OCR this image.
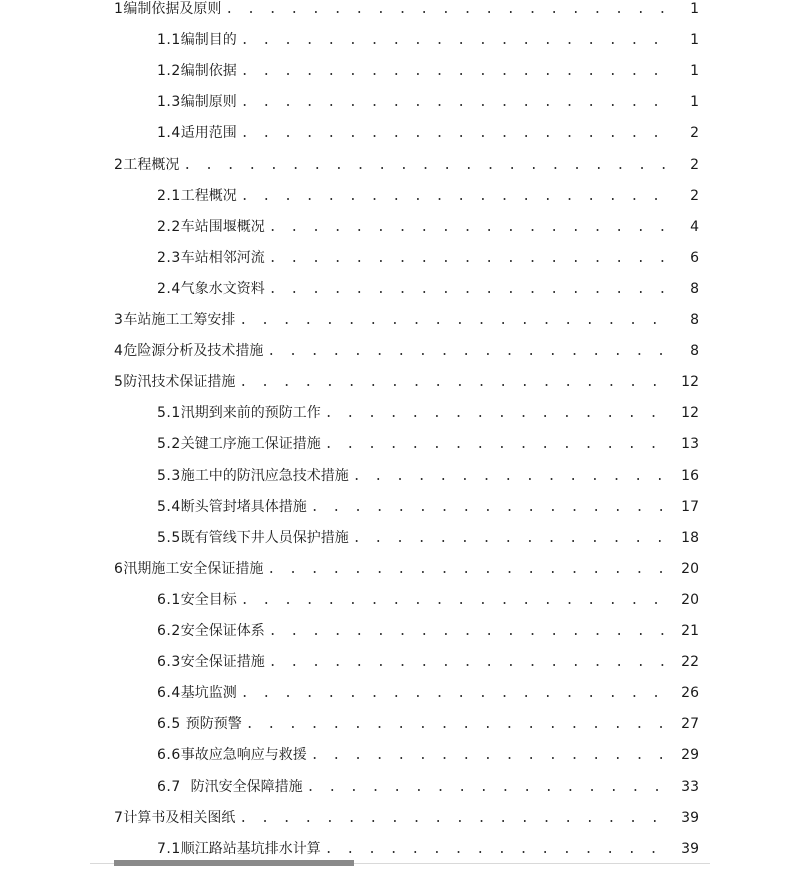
1 编制依据及原则 . . .	1
1.1 编制目的 . . .	1
1.2 编制依据 . . .	1
1.3 编制原则 . . .	1
1.4 适用范围 . . .	2
2 工程概况 . . .	2
2.1 工程概况 . . .	2
2.2 车站围堰概况 . . .	4
2.3 车站相邻河流 . . .	6
2.4 气象水文资料 . . .	8
3 车站施工工筹安排 . . .	8
4 危险源分析及技术措施 . . .	8
5 防汛技术保证措施 . . .	12
5.1 汛期到来前的预防工作 . . .	12
5.2 关键工序施工保证措施 . . .	13
5.3 施工中的防汛应急技术措施 . . .	16
5.4 断头管封堵具体措施 . . .	17
5.5 既有管线下井人员保护措施 . . .	18
6 汛期施工安全保证措施 . . .	20
6.1 安全目标 . . .	20
6.2 安全保证体系 . . .	21
6.3 安全保证措施 . . .	22
6.4 基坑监测 . . .	26
6.5 预防预警 . . .	27
6.6 事故应急响应与救援 . . .	29
6.7 防汛安全保障措施 . . .	33
7 计算书及相关图纸 . . .	39
7.1 顺江路站基坑排水计算 . . .	39
